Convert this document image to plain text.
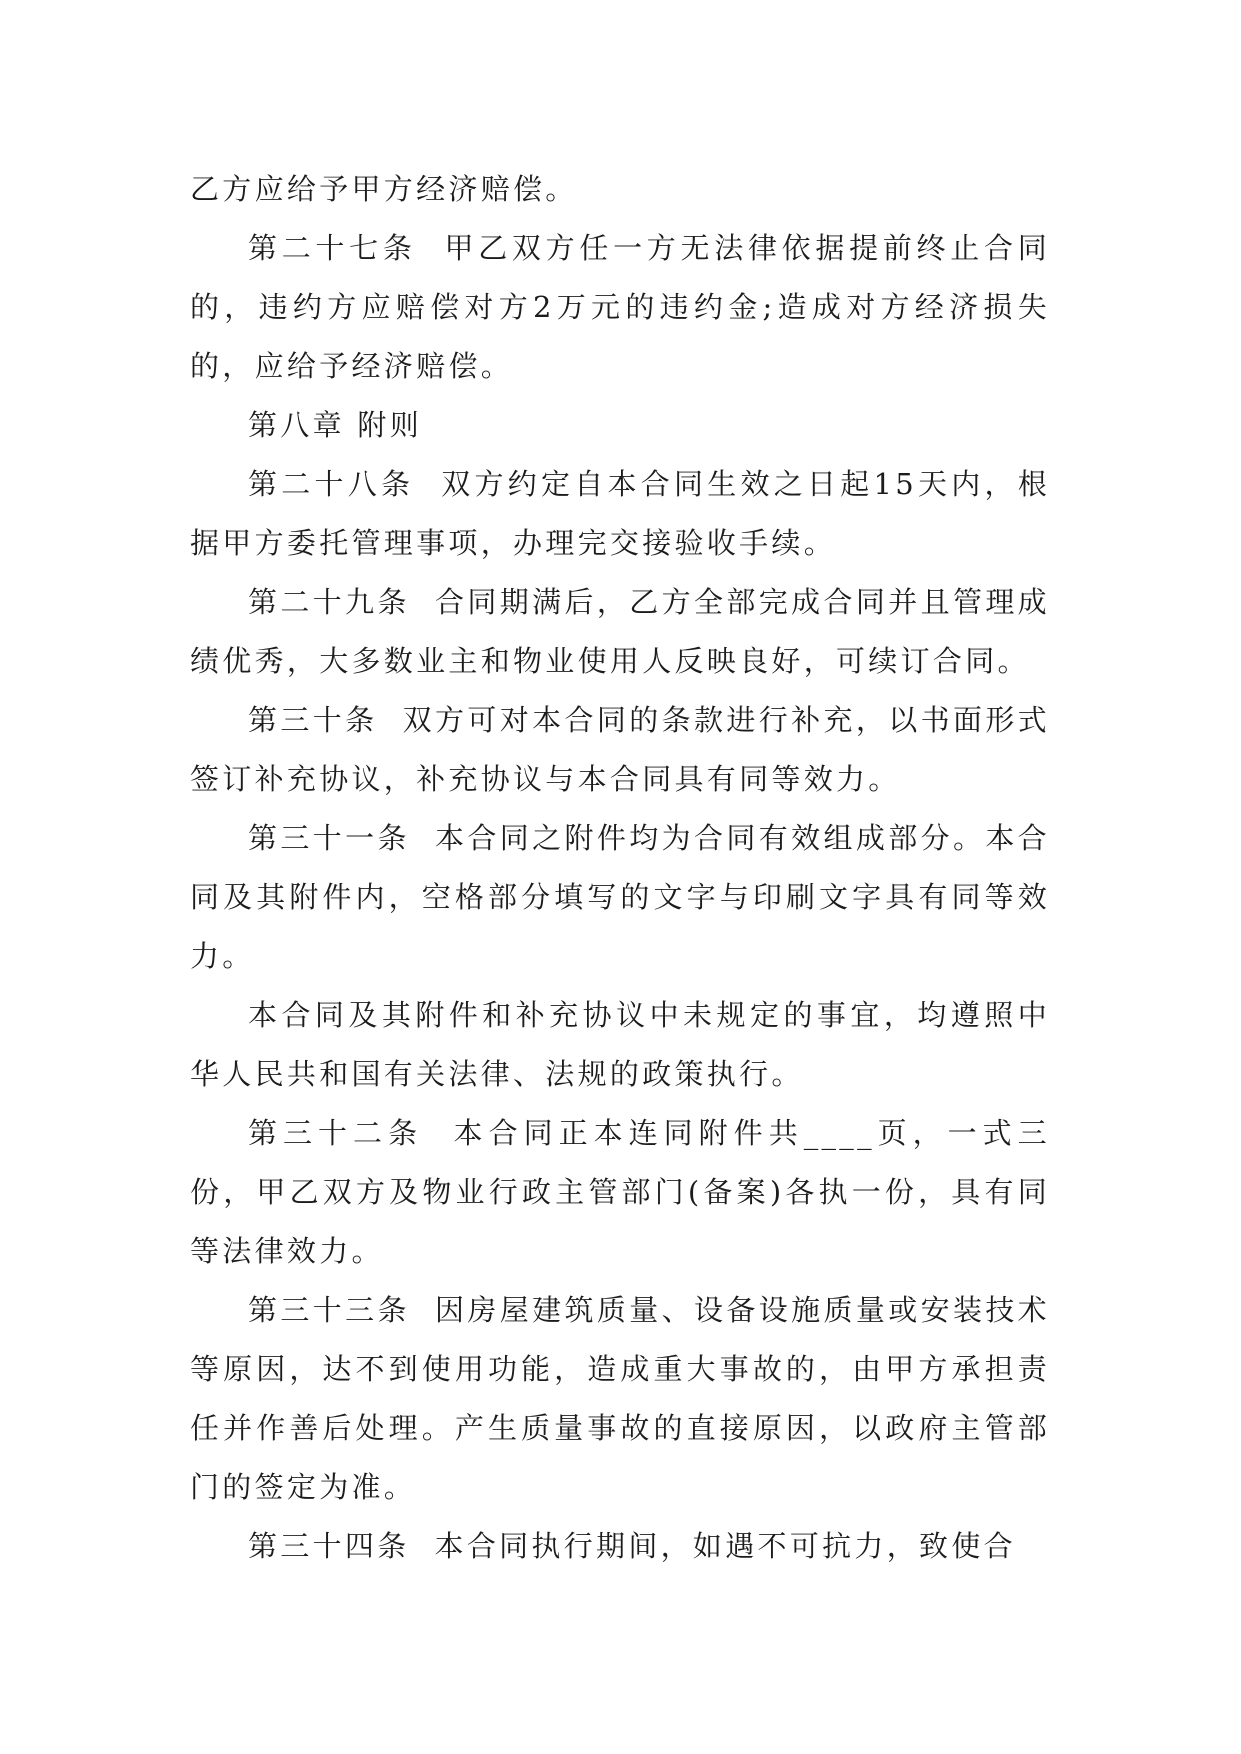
乙方应给予甲方经济赔偿。

第二十七条  甲乙双方任一方无法律依据提前终止合同的，违约方应赔偿对方2万元的违约金;造成对方经济损失的，应给予经济赔偿。

第八章 附则

第二十八条  双方约定自本合同生效之日起15天内，根据甲方委托管理事项，办理完交接验收手续。

第二十九条  合同期满后，乙方全部完成合同并且管理成绩优秀，大多数业主和物业使用人反映良好，可续订合同。

第三十条  双方可对本合同的条款进行补充，以书面形式签订补充协议，补充协议与本合同具有同等效力。

第三十一条  本合同之附件均为合同有效组成部分。本合同及其附件内，空格部分填写的文字与印刷文字具有同等效力。

本合同及其附件和补充协议中未规定的事宜，均遵照中华人民共和国有关法律、法规的政策执行。

第三十二条  本合同正本连同附件共____页，一式三份，甲乙双方及物业行政主管部门(备案)各执一份，具有同等法律效力。

第三十三条  因房屋建筑质量、设备设施质量或安装技术等原因，达不到使用功能，造成重大事故的，由甲方承担责任并作善后处理。产生质量事故的直接原因，以政府主管部门的签定为准。

第三十四条  本合同执行期间，如遇不可抗力，致使合
